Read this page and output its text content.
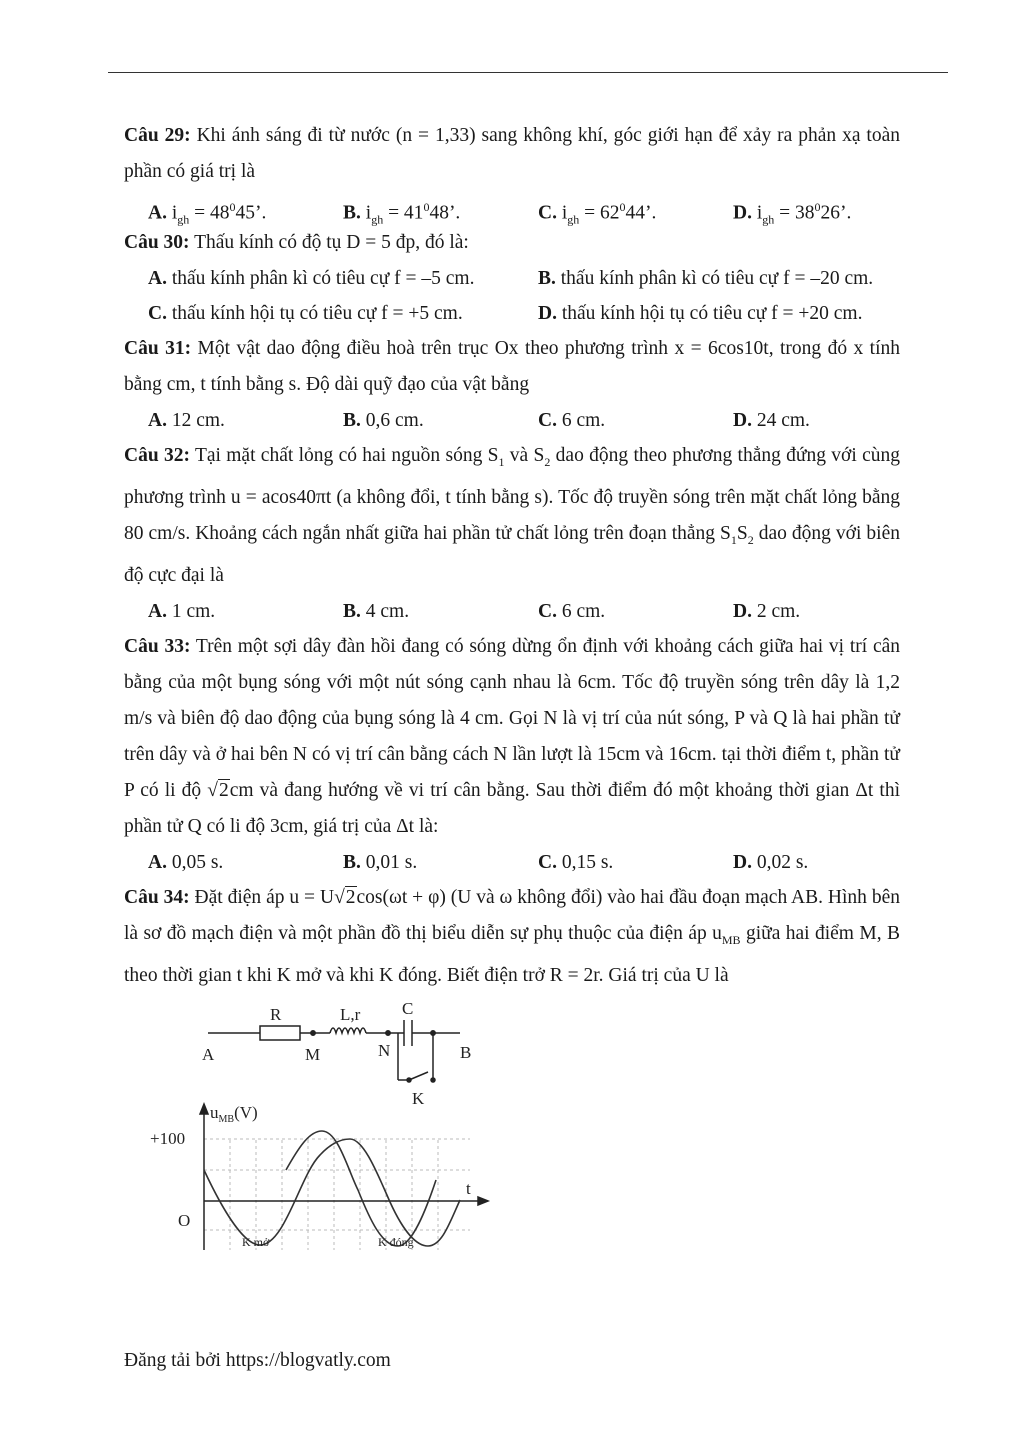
Câu 29: Khi ánh sáng đi từ nước (n = 1,33) sang không khí, góc giới hạn để xảy ra phản xạ toàn phần có giá trị là
A. $i_{gh} = 48^045$’.	B. $i_{gh} = 41^048$’.	C. $i_{gh} = 62^044$’.	D. $i_{gh} = 38^026$’.
Câu 30: Thấu kính có độ tụ D = 5 đp, đó là:
A. thấu kính phân kì có tiêu cự f = –5 cm.	B. thấu kính phân kì có tiêu cự f = –20 cm.
C. thấu kính hội tụ có tiêu cự f = +5 cm.	D. thấu kính hội tụ có tiêu cự f = +20 cm.
Câu 31: Một vật dao động điều hoà trên trục Ox theo phương trình x = 6cos10t, trong đó x tính bằng cm, t tính bằng s. Độ dài quỹ đạo của vật bằng
A. 12 cm.	B. 0,6 cm.	C. 6 cm.	D. 24 cm.
Câu 32: Tại mặt chất lỏng có hai nguồn sóng $S_1$ và $S_2$ dao động theo phương thẳng đứng với cùng phương trình u = acos40πt (a không đổi, t tính bằng s). Tốc độ truyền sóng trên mặt chất lỏng bằng 80 cm/s. Khoảng cách ngắn nhất giữa hai phần tử chất lỏng trên đoạn thẳng $S_1S_2$ dao động với biên độ cực đại là
A. 1 cm.	B. 4 cm.	C. 6 cm.	D. 2 cm.
Câu 33: Trên một sợi dây đàn hồi đang có sóng dừng ổn định với khoảng cách giữa hai vị trí cân bằng của một bụng sóng với một nút sóng cạnh nhau là 6cm. Tốc độ truyền sóng trên dây là 1,2 m/s và biên độ dao động của bụng sóng là 4 cm. Gọi N là vị trí của nút sóng, P và Q là hai phần tử trên dây và ở hai bên N có vị trí cân bằng cách N lần lượt là 15cm và 16cm. tại thời điểm t, phần tử P có li độ √2cm và đang hướng về vi trí cân bằng. Sau thời điểm đó một khoảng thời gian Δt thì phần tử Q có li độ 3cm, giá trị của Δt là:
A. 0,05 s.	B. 0,01 s.	C. 0,15 s.	D. 0,02 s.
Câu 34: Đặt điện áp u = U√2cos(ωt + φ) (U và ω không đổi) vào hai đầu đoạn mạch AB. Hình bên là sơ đồ mạch điện và một phần đồ thị biểu diễn sự phụ thuộc của điện áp $u_{MB}$ giữa hai điểm M, B theo thời gian t khi K mở và khi K đóng. Biết điện trở R = 2r. Giá trị của U là
A	M	N	B
K
R	L,r C
$u_{MB}(V)$
+100
O
t
K mở	K đóng
Đăng tải bởi https://blogvatly.com
